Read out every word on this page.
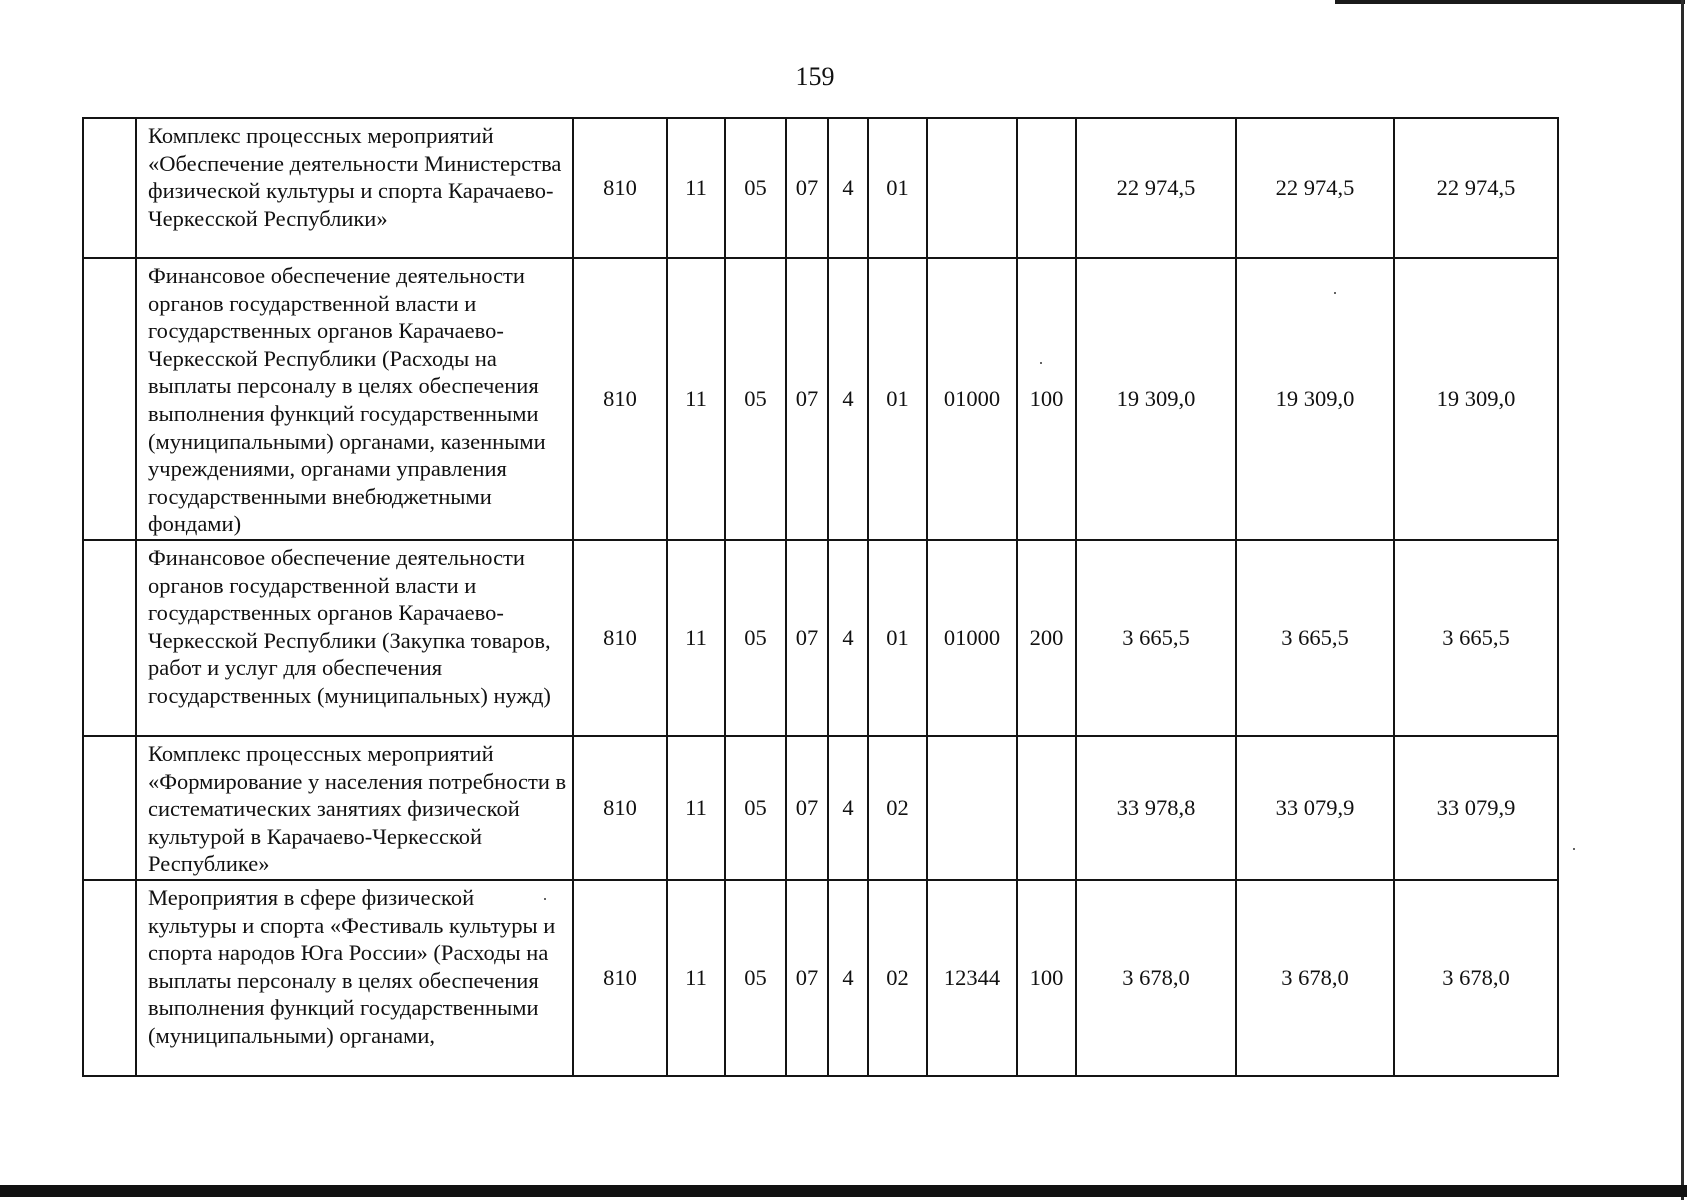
159
	Комплекс процессных мероприятий «Обеспечение деятельности Министерства физической культуры и спорта Карачаево-Черкесской Республики»	810	11	05	07	4	01			22 974,5	22 974,5	22 974,5
	Финансовое обеспечение деятельности органов государственной власти и государственных органов Карачаево-Черкесской Республики (Расходы на выплаты персоналу в целях обеспечения выполнения функций государственными (муниципальными) органами, казенными учреждениями, органами управления государственными внебюджетными фондами)	810	11	05	07	4	01	01000	100	19 309,0	19 309,0	19 309,0
	Финансовое обеспечение деятельности органов государственной власти и государственных органов Карачаево-Черкесской Республики (Закупка товаров, работ и услуг для обеспечения государственных (муниципальных) нужд)	810	11	05	07	4	01	01000	200	3 665,5	3 665,5	3 665,5
	Комплекс процессных мероприятий «Формирование у населения потребности в систематических занятиях физической культурой в Карачаево-Черкесской Республике»	810	11	05	07	4	02			33 978,8	33 079,9	33 079,9
	Мероприятия в сфере физической культуры и спорта «Фестиваль культуры и спорта народов Юга России» (Расходы на выплаты персоналу в целях обеспечения выполнения функций государственными (муниципальными) органами,	810	11	05	07	4	02	12344	100	3 678,0	3 678,0	3 678,0
